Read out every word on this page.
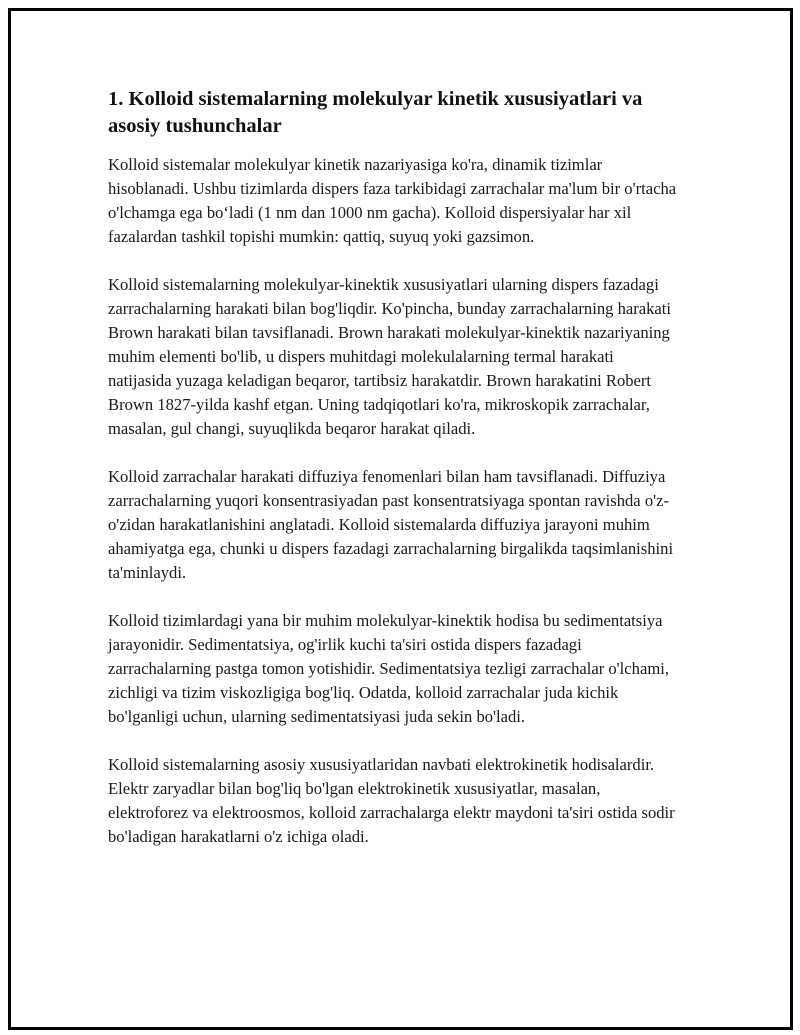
1. Kolloid sistemalarning molekulyar kinetik xususiyatlari va asosiy tushunchalar

Kolloid sistemalar molekulyar kinetik nazariyasiga ko'ra, dinamik tizimlar hisoblanadi. Ushbu tizimlarda dispers faza tarkibidagi zarrachalar ma'lum bir o'rtacha o'lchamga ega bo‘ladi (1 nm dan 1000 nm gacha). Kolloid dispersiyalar har xil fazalardan tashkil topishi mumkin: qattiq, suyuq yoki gazsimon.

Kolloid sistemalarning molekulyar-kinektik xususiyatlari ularning dispers fazadagi zarrachalarning harakati bilan bog'liqdir. Ko'pincha, bunday zarrachalarning harakati Brown harakati bilan tavsiflanadi. Brown harakati molekulyar-kinektik nazariyaning muhim elementi bo'lib, u dispers muhitdagi molekulalarning termal harakati natijasida yuzaga keladigan beqaror, tartibsiz harakatdir. Brown harakatini Robert Brown 1827-yilda kashf etgan. Uning tadqiqotlari ko'ra, mikroskopik zarrachalar, masalan, gul changi, suyuqlikda beqaror harakat qiladi.

Kolloid zarrachalar harakati diffuziya fenomenlari bilan ham tavsiflanadi. Diffuziya zarrachalarning yuqori konsentrasiyadan past konsentratsiyaga spontan ravishda o'z-o'zidan harakatlanishini anglatadi. Kolloid sistemalarda diffuziya jarayoni muhim ahamiyatga ega, chunki u dispers fazadagi zarrachalarning birgalikda taqsimlanishini ta'minlaydi.

Kolloid tizimlardagi yana bir muhim molekulyar-kinektik hodisa bu sedimentatsiya jarayonidir. Sedimentatsiya, og'irlik kuchi ta'siri ostida dispers fazadagi zarrachalarning pastga tomon yotishidir. Sedimentatsiya tezligi zarrachalar o'lchami, zichligi va tizim viskozligiga bog'liq. Odatda, kolloid zarrachalar juda kichik bo'lganligi uchun, ularning sedimentatsiyasi juda sekin bo'ladi.

Kolloid sistemalarning asosiy xususiyatlaridan navbati elektrokinetik hodisalardir. Elektr zaryadlar bilan bog'liq bo'lgan elektrokinetik xususiyatlar, masalan, elektroforez va elektroosmos, kolloid zarrachalarga elektr maydoni ta'siri ostida sodir bo'ladigan harakatlarni o'z ichiga oladi.
